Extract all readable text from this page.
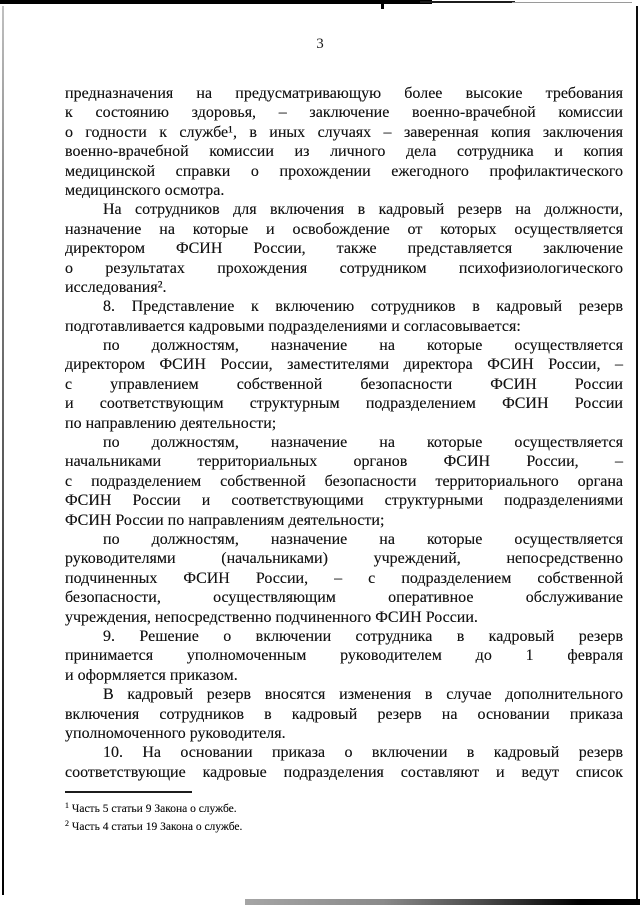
3
предназначения на предусматривающую более высокие требования
к состоянию здоровья, – заключение военно-врачебной комиссии
о годности к службе¹, в иных случаях – заверенная копия заключения
военно-врачебной комиссии из личного дела сотрудника и копия
медицинской справки о прохождении ежегодного профилактического
медицинского осмотра.
На сотрудников для включения в кадровый резерв на должности,
назначение на которые и освобождение от которых осуществляется
директором ФСИН России, также представляется заключение
о результатах прохождения сотрудником психофизиологического
исследования².
8. Представление к включению сотрудников в кадровый резерв
подготавливается кадровыми подразделениями и согласовывается:
по должностям, назначение на которые осуществляется
директором ФСИН России, заместителями директора ФСИН России, –
с управлением собственной безопасности ФСИН России
и соответствующим структурным подразделением ФСИН России
по направлению деятельности;
по должностям, назначение на которые осуществляется
начальниками территориальных органов ФСИН России, –
с подразделением собственной безопасности территориального органа
ФСИН России и соответствующими структурными подразделениями
ФСИН России по направлениям деятельности;
по должностям, назначение на которые осуществляется
руководителями (начальниками) учреждений, непосредственно
подчиненных ФСИН России, – с подразделением собственной
безопасности, осуществляющим оперативное обслуживание
учреждения, непосредственно подчиненного ФСИН России.
9. Решение о включении сотрудника в кадровый резерв
принимается уполномоченным руководителем до 1 февраля
и оформляется приказом.
В кадровый резерв вносятся изменения в случае дополнительного
включения сотрудников в кадровый резерв на основании приказа
уполномоченного руководителя.
10. На основании приказа о включении в кадровый резерв
соответствующие кадровые подразделения составляют и ведут список
$^1$ Часть 5 статьи 9 Закона о службе.
$^2$ Часть 4 статьи 19 Закона о службе.
